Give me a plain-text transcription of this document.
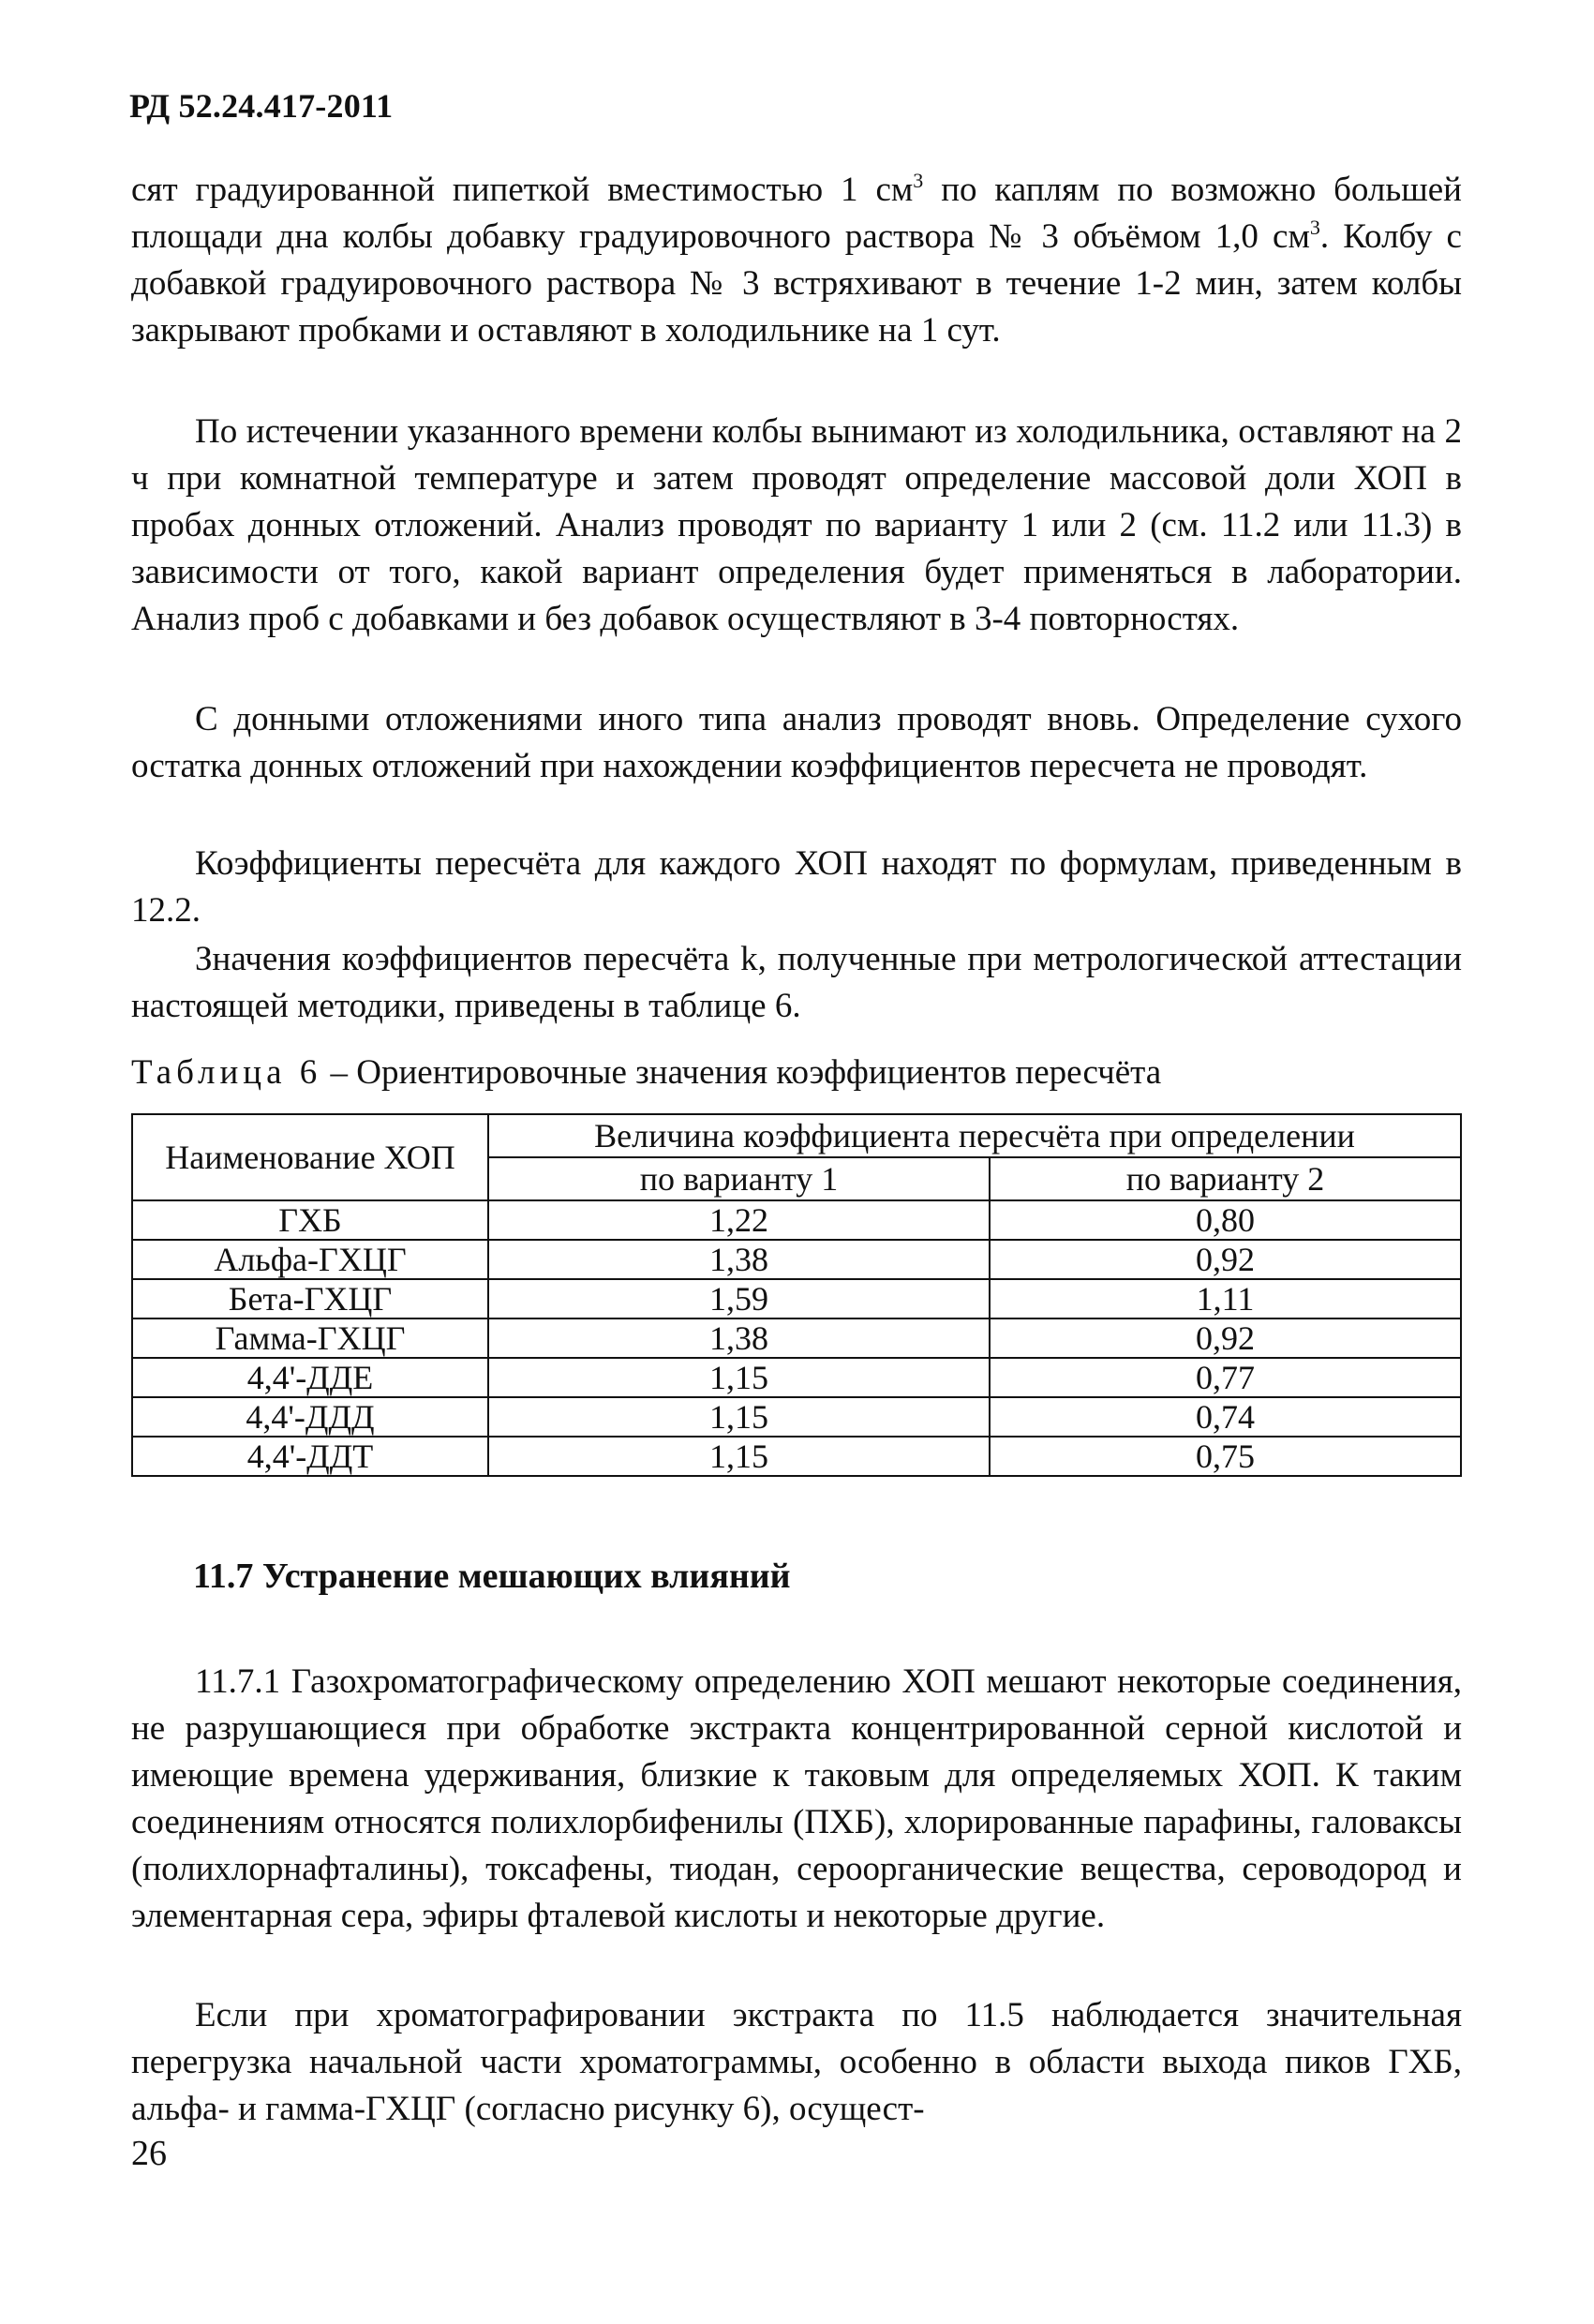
РД 52.24.417-2011

сят градуированной пипеткой вместимостью 1 $см^3$ по каплям по возможно большей площади дна колбы добавку градуировочного раствора № 3 объёмом 1,0 $см^3$. Колбу с добавкой градуировочного раствора № 3 встряхивают в течение 1-2 мин, затем колбы закрывают пробками и оставляют в холодильнике на 1 сут.

По истечении указанного времени колбы вынимают из холодильника, оставляют на 2 ч при комнатной температуре и затем проводят определение массовой доли ХОП в пробах донных отложений. Анализ проводят по варианту 1 или 2 (см. 11.2 или 11.3) в зависимости от того, какой вариант определения будет применяться в лаборатории. Анализ проб с добавками и без добавок осуществляют в 3-4 повторностях.

С донными отложениями иного типа анализ проводят вновь. Определение сухого остатка донных отложений при нахождении коэффициентов пересчета не проводят.

Коэффициенты пересчёта для каждого ХОП находят по формулам, приведенным в 12.2.

Значения коэффициентов пересчёта k, полученные при метрологической аттестации настоящей методики, приведены в таблице 6.

Таблица 6 – Ориентировочные значения коэффициентов пересчёта
Наименование ХОП	Величина коэффициента пересчёта при определении	
	по варианту 1	по варианту 2
ГХБ	1,22	0,80
Альфа-ГХЦГ	1,38	0,92
Бета-ГХЦГ	1,59	1,11
Гамма-ГХЦГ	1,38	0,92
4,4'-ДДЕ	1,15	0,77
4,4'-ДДД	1,15	0,74
4,4'-ДДТ	1,15	0,75
11.7 Устранение мешающих влияний

11.7.1 Газохроматографическому определению ХОП мешают некоторые соединения, не разрушающиеся при обработке экстракта концентрированной серной кислотой и имеющие времена удерживания, близкие к таковым для определяемых ХОП. К таким соединениям относятся полихлорбифенилы (ПХБ), хлорированные парафины, галоваксы (полихлорнафталины), токсафены, тиодан, сероорганические вещества, сероводород и элементарная сера, эфиры фталевой кислоты и некоторые другие.

Если при хроматографировании экстракта по 11.5 наблюдается значительная перегрузка начальной части хроматограммы, особенно в области выхода пиков ГХБ, альфа- и гамма-ГХЦГ (согласно рисунку 6), осущест-

26
